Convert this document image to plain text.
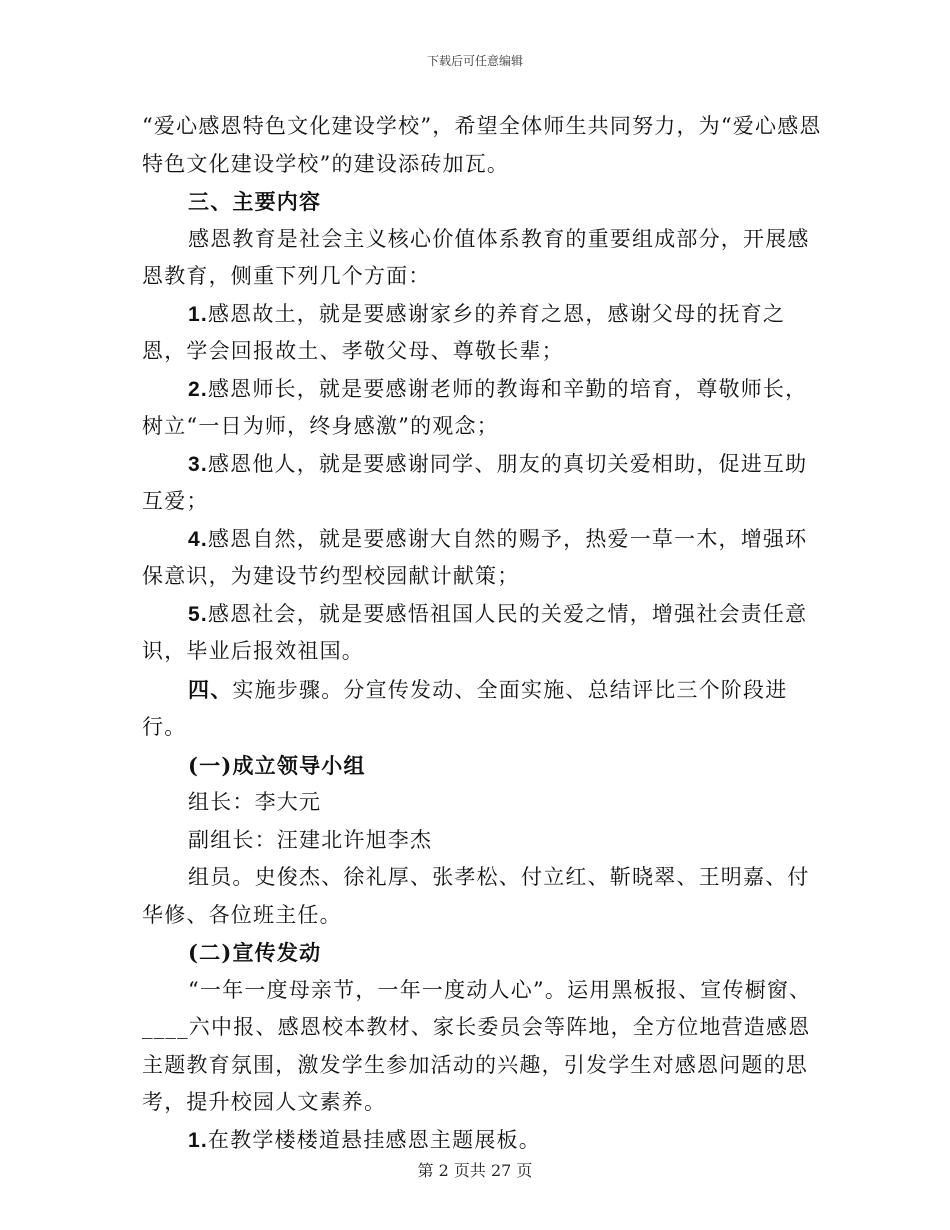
下载后可任意编辑

“爱心感恩特色文化建设学校”，希望全体师生共同努力，为“爱心感恩特色文化建设学校”的建设添砖加瓦。

三、主要内容

感恩教育是社会主义核心价值体系教育的重要组成部分，开展感恩教育，侧重下列几个方面：

1.感恩故土，就是要感谢家乡的养育之恩，感谢父母的抚育之恩，学会回报故土、孝敬父母、尊敬长辈；

2.感恩师长，就是要感谢老师的教诲和辛勤的培育，尊敬师长，树立“一日为师，终身感激”的观念；

3.感恩他人，就是要感谢同学、朋友的真切关爱相助，促进互助互爱；

4.感恩自然，就是要感谢大自然的赐予，热爱一草一木，增强环保意识，为建设节约型校园献计献策；

5.感恩社会，就是要感悟祖国人民的关爱之情，增强社会责任意识，毕业后报效祖国。

四、实施步骤。分宣传发动、全面实施、总结评比三个阶段进行。

(一)成立领导小组

组长：李大元

副组长：汪建北许旭李杰

组员。史俊杰、徐礼厚、张孝松、付立红、靳晓翠、王明嘉、付华修、各位班主任。

(二)宣传发动

“一年一度母亲节，一年一度动人心”。运用黑板报、宣传橱窗、____六中报、感恩校本教材、家长委员会等阵地，全方位地营造感恩主题教育氛围，激发学生参加活动的兴趣，引发学生对感恩问题的思考，提升校园人文素养。

1.在教学楼楼道悬挂感恩主题展板。

第 2 页共 27 页
